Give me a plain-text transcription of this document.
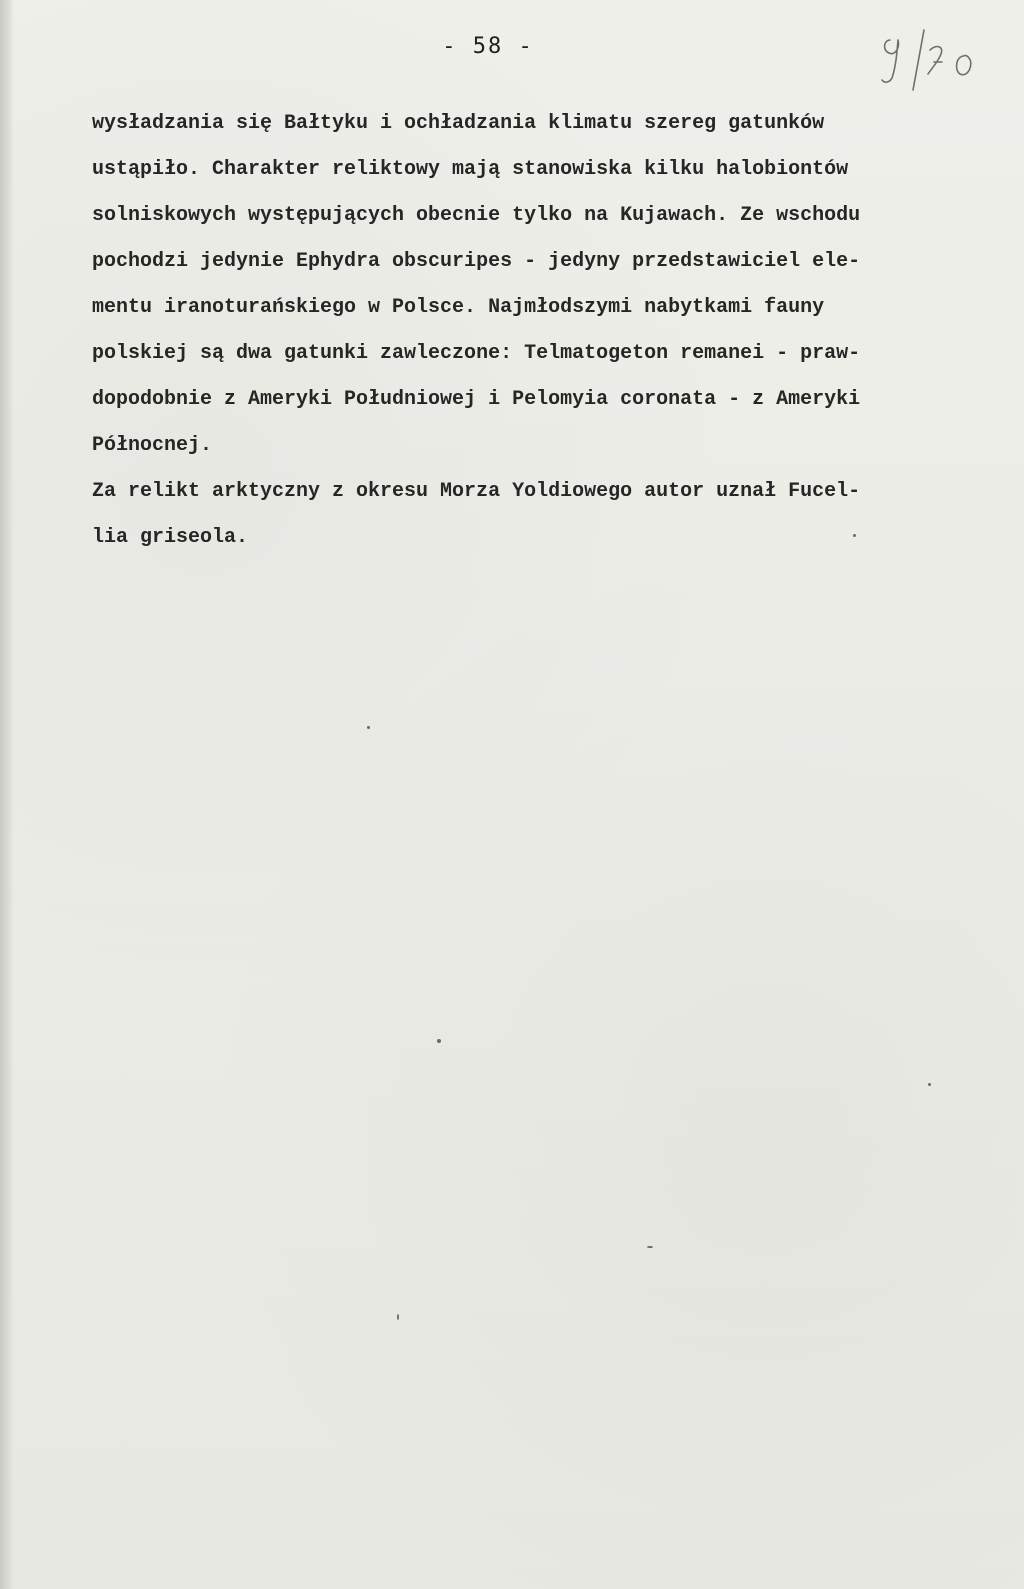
- 58 -

wysładzania się Bałtyku i ochładzania klimatu szereg gatunków

ustąpiło. Charakter reliktowy mają stanowiska kilku halobiontów

solniskowych występujących obecnie tylko na Kujawach. Ze wschodu

pochodzi jedynie Ephydra obscuripes - jedyny przedstawiciel ele-

mentu iranoturańskiego w Polsce. Najmłodszymi nabytkami fauny

polskiej są dwa gatunki zawleczone: Telmatogeton remanei - praw-

dopodobnie z Ameryki Południowej i Pelomyia coronata - z Ameryki

Północnej.

Za relikt arktyczny z okresu Morza Yoldiowego autor uznał Fucel-

lia griseola.
